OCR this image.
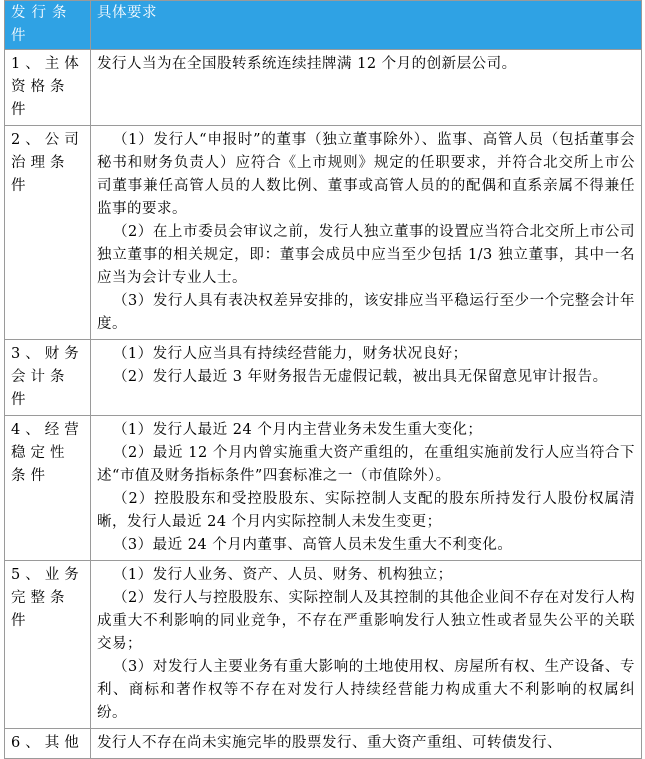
发行条件	具体要求
1、主体资格条件	发行人当为在全国股转系统连续挂牌满 12 个月的创新层公司。

2、公司治理条件	（1）发行人“申报时”的董事（独立董事除外）、监事、高管人员（包括董事会秘书和财务负责人）应符合《上市规则》规定的任职要求，并符合北交所上市公司董事兼任高管人员的人数比例、董事或高管人员的的配偶和直系亲属不得兼任监事的要求。

（2）在上市委员会审议之前，发行人独立董事的设置应当符合北交所上市公司独立董事的相关规定，即：董事会成员中应当至少包括 1/3 独立董事，其中一名应当为会计专业人士。

（3）发行人具有表决权差异安排的，该安排应当平稳运行至少一个完整会计年度。

3、财务会计条件	（1）发行人应当具有持续经营能力，财务状况良好；

（2）发行人最近 3 年财务报告无虚假记载，被出具无保留意见审计报告。

4、经营稳定性条件	（1）发行人最近 24 个月内主营业务未发生重大变化；

（2）最近 12 个月内曾实施重大资产重组的，在重组实施前发行人应当符合下述“市值及财务指标条件”四套标准之一（市值除外）。

（2）控股股东和受控股股东、实际控制人支配的股东所持发行人股份权属清晰，发行人最近 24 个月内实际控制人未发生变更；

（3）最近 24 个月内董事、高管人员未发生重大不利变化。

5、业务完整条件	（1）发行人业务、资产、人员、财务、机构独立；

（2）发行人与控股股东、实际控制人及其控制的其他企业间不存在对发行人构成重大不利影响的同业竞争，不存在严重影响发行人独立性或者显失公平的关联交易；

（3）对发行人主要业务有重大影响的土地使用权、房屋所有权、生产设备、专利、商标和著作权等不存在对发行人持续经营能力构成重大不利影响的权属纠纷。

6、其他	发行人不存在尚未实施完毕的股票发行、重大资产重组、可转债发行、
